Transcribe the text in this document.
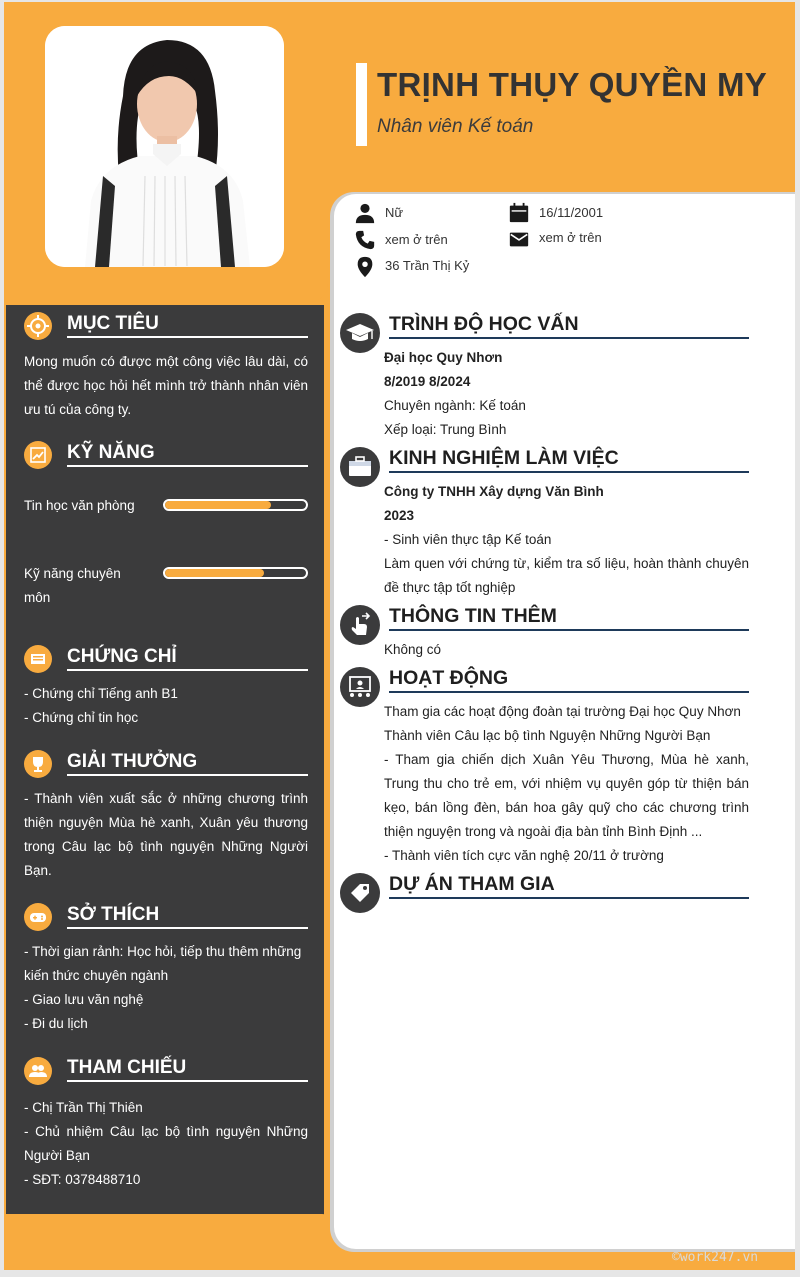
TRỊNH THỤY QUYỀN MY
Nhân viên Kế toán
Nữ	16/11/2001
xem ở trên	xem ở trên
36 Trần Thị Kỷ
MỤC TIÊU
Mong muốn có được một công việc lâu dài, có thể được học hỏi hết mình trở thành nhân viên ưu tú của công ty.
KỸ NĂNG
Tin học văn phòng
Kỹ năng chuyên môn
CHỨNG CHỈ
- Chứng chỉ Tiếng anh B1
- Chứng chỉ tin học
GIẢI THƯỞNG
- Thành viên xuất sắc ở những chương trình thiện nguyện Mùa hè xanh, Xuân yêu thương trong Câu lạc bộ tình nguyện Những Người Bạn.
SỞ THÍCH
- Thời gian rảnh: Học hỏi, tiếp thu thêm những kiến thức chuyên ngành
- Giao lưu văn nghệ
- Đi du lịch
THAM CHIẾU
- Chị Trần Thị Thiên
- Chủ nhiệm Câu lạc bộ tình nguyện Những Người Bạn
- SĐT: 0378488710
TRÌNH ĐỘ HỌC VẤN
Đại học Quy Nhơn
8/2019 8/2024
Chuyên ngành: Kế toán
Xếp loại: Trung Bình
KINH NGHIỆM LÀM VIỆC
Công ty TNHH Xây dựng Văn Bình
2023
- Sinh viên thực tập Kế toán
Làm quen với chứng từ, kiểm tra số liệu, hoàn thành chuyên đề thực tập tốt nghiệp
THÔNG TIN THÊM
Không có
HOẠT ĐỘNG
Tham gia các hoạt động đoàn tại trường Đại học Quy Nhơn
Thành viên Câu lạc bộ tình Nguyện Những Người Bạn
- Tham gia chiến dịch Xuân Yêu Thương, Mùa hè xanh, Trung thu cho trẻ em, với nhiệm vụ quyên góp từ thiện bán kẹo, bán lồng đèn, bán hoa gây quỹ cho các chương trình thiện nguyện trong và ngoài địa bàn tỉnh Bình Định ...
- Thành viên tích cực văn nghệ 20/11 ở trường
DỰ ÁN THAM GIA
©work247.vn
